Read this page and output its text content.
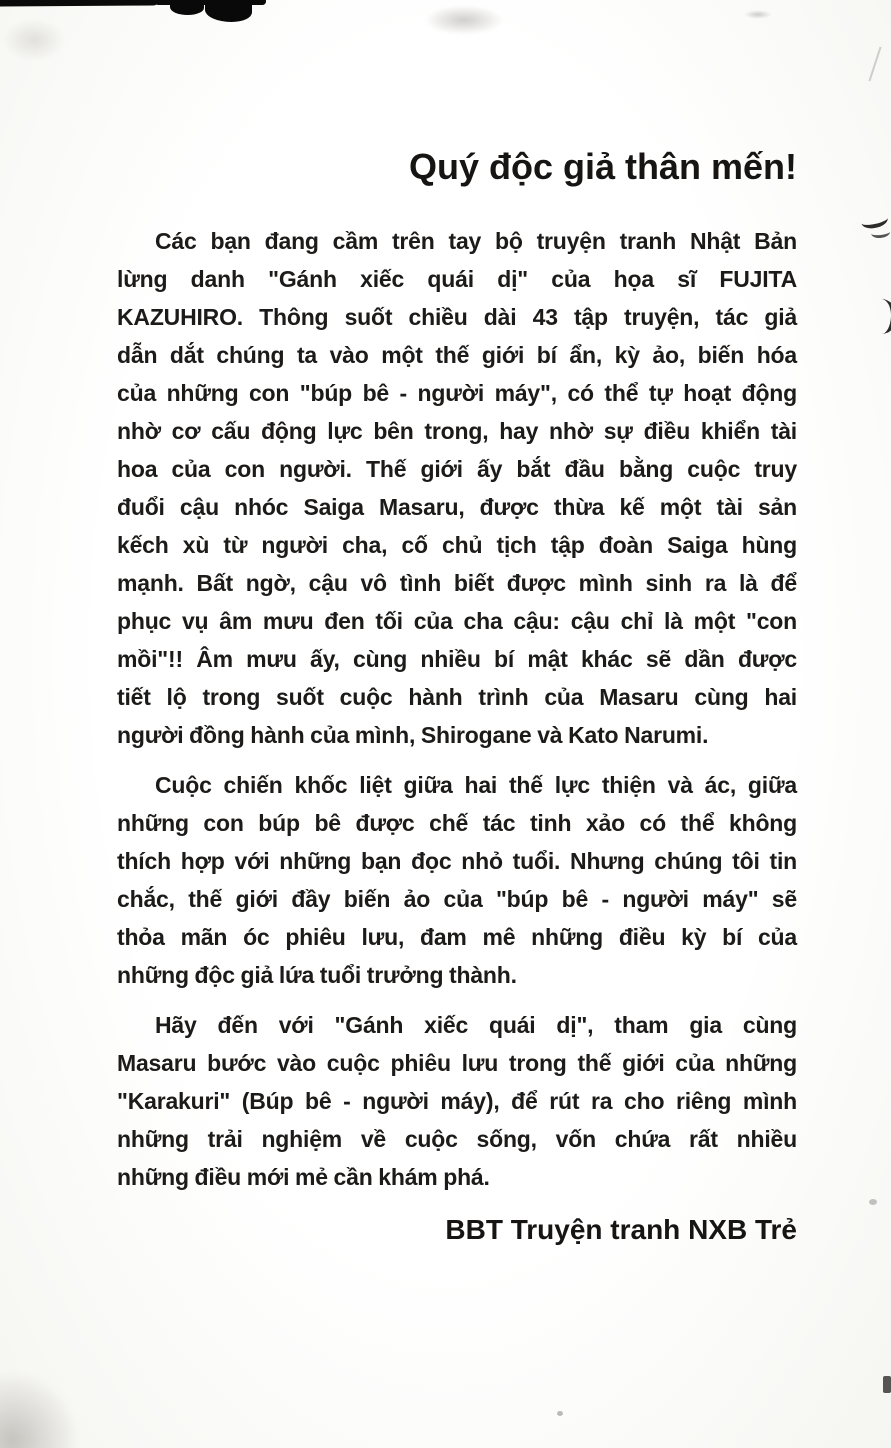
Quý độc giả thân mến!
Các bạn đang cầm trên tay bộ truyện tranh Nhật Bản
lừng danh "Gánh xiếc quái dị" của họa sĩ FUJITA
KAZUHIRO. Thông suốt chiều dài 43 tập truyện, tác giả
dẫn dắt chúng ta vào một thế giới bí ẩn, kỳ ảo, biến hóa
của những con "búp bê - người máy", có thể tự hoạt động
nhờ cơ cấu động lực bên trong, hay nhờ sự điều khiển tài
hoa của con người. Thế giới ấy bắt đầu bằng cuộc truy
đuổi cậu nhóc Saiga Masaru, được thừa kế một tài sản
kếch xù từ người cha, cố chủ tịch tập đoàn Saiga hùng
mạnh. Bất ngờ, cậu vô tình biết được mình sinh ra là để
phục vụ âm mưu đen tối của cha cậu: cậu chỉ là một "con
mồi"!! Âm mưu ấy, cùng nhiều bí mật khác sẽ dần được
tiết lộ trong suốt cuộc hành trình của Masaru cùng hai
người đồng hành của mình, Shirogane và Kato Narumi.
Cuộc chiến khốc liệt giữa hai thế lực thiện và ác, giữa
những con búp bê được chế tác tinh xảo có thể không
thích hợp với những bạn đọc nhỏ tuổi. Nhưng chúng tôi tin
chắc, thế giới đầy biến ảo của "búp bê - người máy" sẽ
thỏa mãn óc phiêu lưu, đam mê những điều kỳ bí của
những độc giả lứa tuổi trưởng thành.
Hãy đến với "Gánh xiếc quái dị", tham gia cùng
Masaru bước vào cuộc phiêu lưu trong thế giới của những
"Karakuri" (Búp bê - người máy), để rút ra cho riêng mình
những trải nghiệm về cuộc sống, vốn chứa rất nhiều
những điều mới mẻ cần khám phá.
BBT Truyện tranh NXB Trẻ
